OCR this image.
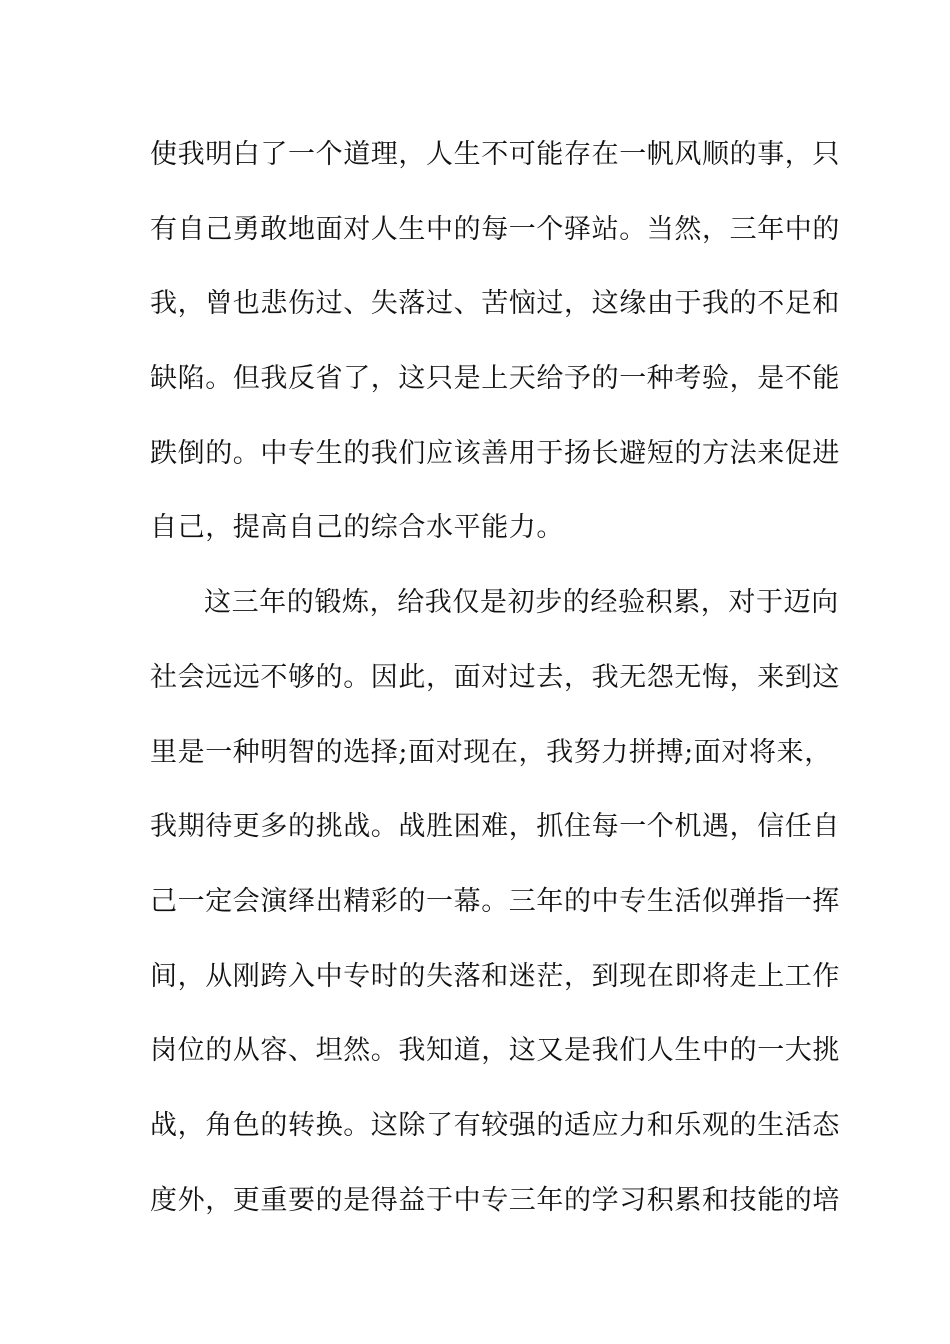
使我明白了一个道理，人生不可能存在一帆风顺的事，只
有自己勇敢地面对人生中的每一个驿站。当然，三年中的
我，曾也悲伤过、失落过、苦恼过，这缘由于我的不足和
缺陷。但我反省了，这只是上天给予的一种考验，是不能
跌倒的。中专生的我们应该善用于扬长避短的方法来促进
自己，提高自己的综合水平能力。
这三年的锻炼，给我仅是初步的经验积累，对于迈向
社会远远不够的。因此，面对过去，我无怨无悔，来到这
里是一种明智的选择;面对现在，我努力拼搏;面对将来，
我期待更多的挑战。战胜困难，抓住每一个机遇，信任自
己一定会演绎出精彩的一幕。三年的中专生活似弹指一挥
间，从刚跨入中专时的失落和迷茫，到现在即将走上工作
岗位的从容、坦然。我知道，这又是我们人生中的一大挑
战，角色的转换。这除了有较强的适应力和乐观的生活态
度外，更重要的是得益于中专三年的学习积累和技能的培
